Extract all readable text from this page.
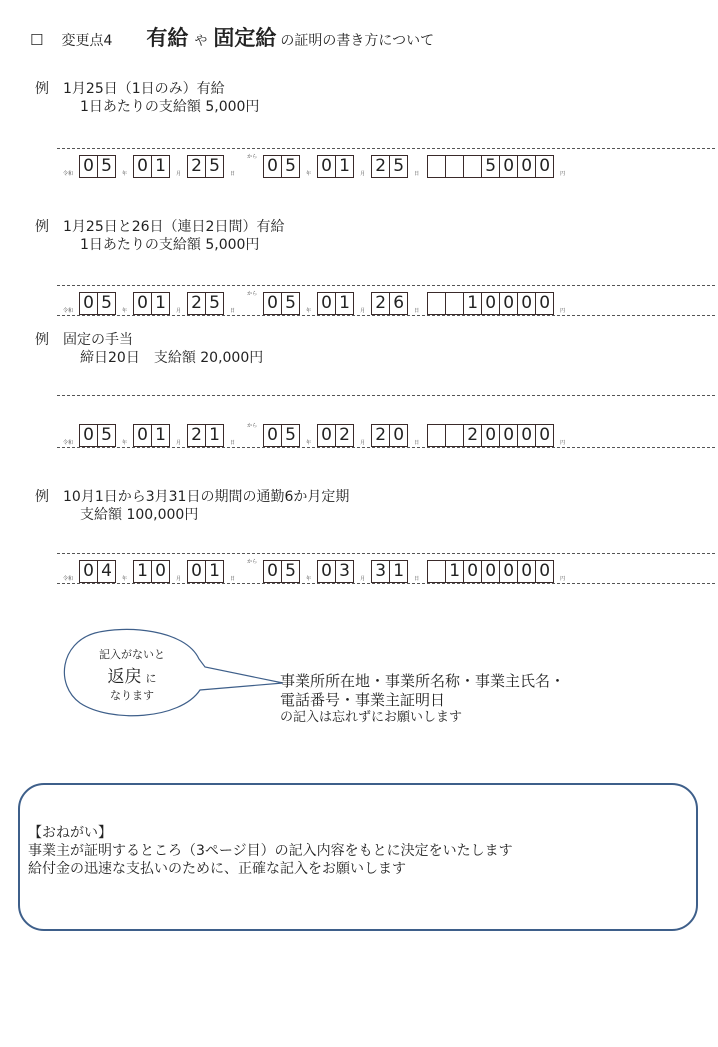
☐ 変更点4 有給 や 固定給 の証明の書き方について
例 1月25日（1日のみ）有給
1日あたりの支給額 5,000円
令和 0 5	年 0 1	月 2 5	日
から 0 5	年 0 1	月 2 5	日	5 0 0 0	円
例 1月25日と26日（連日2日間）有給
1日あたりの支給額 5,000円
令和 0 5	年 0 1	月 2 5	日
から 0 5	年 0 1	月 2 6	日	1 0 0 0 0	円
例 固定の手当
締日20日　支給額 20,000円
令和 0 5	年 0 1	月 2 1	日
から 0 5	年 0 2	月 2 0	日	2 0 0 0 0	円
例 10月1日から3月31日の期間の通勤6か月定期
支給額 100,000円
令和 0 4	年 1 0	月 0 1	日
から 0 5	年 0 3	月 3 1	日 1 0 0 0 0 0	円
記入がないと
返戻 に
なります
事業所所在地・事業所名称・事業主氏名・
電話番号・事業主証明日
の記入は忘れずにお願いします
【おねがい】
事業主が証明するところ（3ページ目）の記入内容をもとに決定をいたします
給付金の迅速な支払いのために、正確な記入をお願いします
